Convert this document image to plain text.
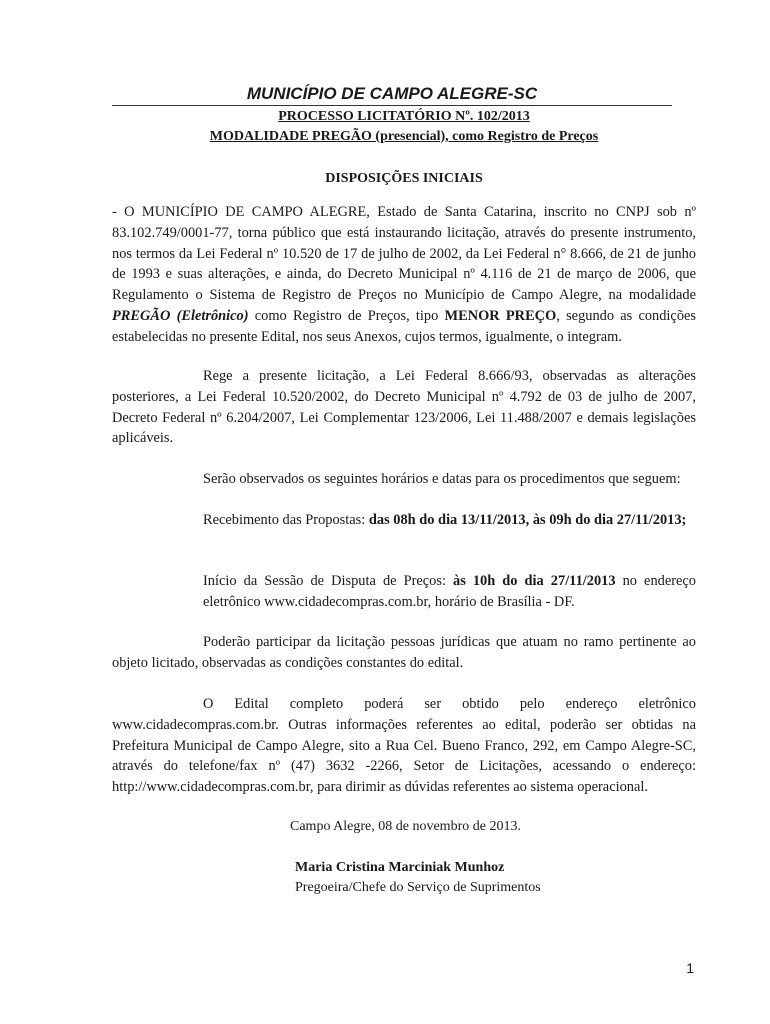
MUNICÍPIO DE CAMPO ALEGRE-SC
PROCESSO LICITATÓRIO Nº. 102/2013
MODALIDADE PREGÃO (presencial), como Registro de Preços
DISPOSIÇÕES INICIAIS

- O MUNICÍPIO DE CAMPO ALEGRE, Estado de Santa Catarina, inscrito no CNPJ sob nº 83.102.749/0001-77, torna público que está instaurando licitação, através do presente instrumento, nos termos da Lei Federal nº 10.520 de 17 de julho de 2002, da Lei Federal n° 8.666, de 21 de junho de 1993 e suas alterações, e ainda, do Decreto Municipal nº 4.116 de 21 de março de 2006, que Regulamento o Sistema de Registro de Preços no Município de Campo Alegre, na modalidade PREGÃO (Eletrônico) como Registro de Preços, tipo MENOR PREÇO, segundo as condições estabelecidas no presente Edital, nos seus Anexos, cujos termos, igualmente, o integram.

Rege a presente licitação, a Lei Federal 8.666/93, observadas as alterações posteriores, a Lei Federal 10.520/2002, do Decreto Municipal nº 4.792 de 03 de julho de 2007, Decreto Federal nº 6.204/2007, Lei Complementar 123/2006, Lei 11.488/2007 e demais legislações aplicáveis.

Serão observados os seguintes horários e datas para os procedimentos que seguem:

Recebimento das Propostas: das 08h do dia 13/11/2013, às 09h do dia 27/11/2013;

Início da Sessão de Disputa de Preços: às 10h do dia 27/11/2013 no endereço eletrônico www.cidadecompras.com.br, horário de Brasília - DF.

Poderão participar da licitação pessoas jurídicas que atuam no ramo pertinente ao objeto licitado, observadas as condições constantes do edital.

O Edital completo poderá ser obtido pelo endereço eletrônico www.cidadecompras.com.br. Outras informações referentes ao edital, poderão ser obtidas na Prefeitura Municipal de Campo Alegre, sito a Rua Cel. Bueno Franco, 292, em Campo Alegre-SC, através do telefone/fax nº (47) 3632 -2266, Setor de Licitações, acessando o endereço: http://www.cidadecompras.com.br, para dirimir as dúvidas referentes ao sistema operacional.

Campo Alegre, 08 de novembro de 2013.
Maria Cristina Marciniak Munhoz
Pregoeira/Chefe do Serviço de Suprimentos
1
